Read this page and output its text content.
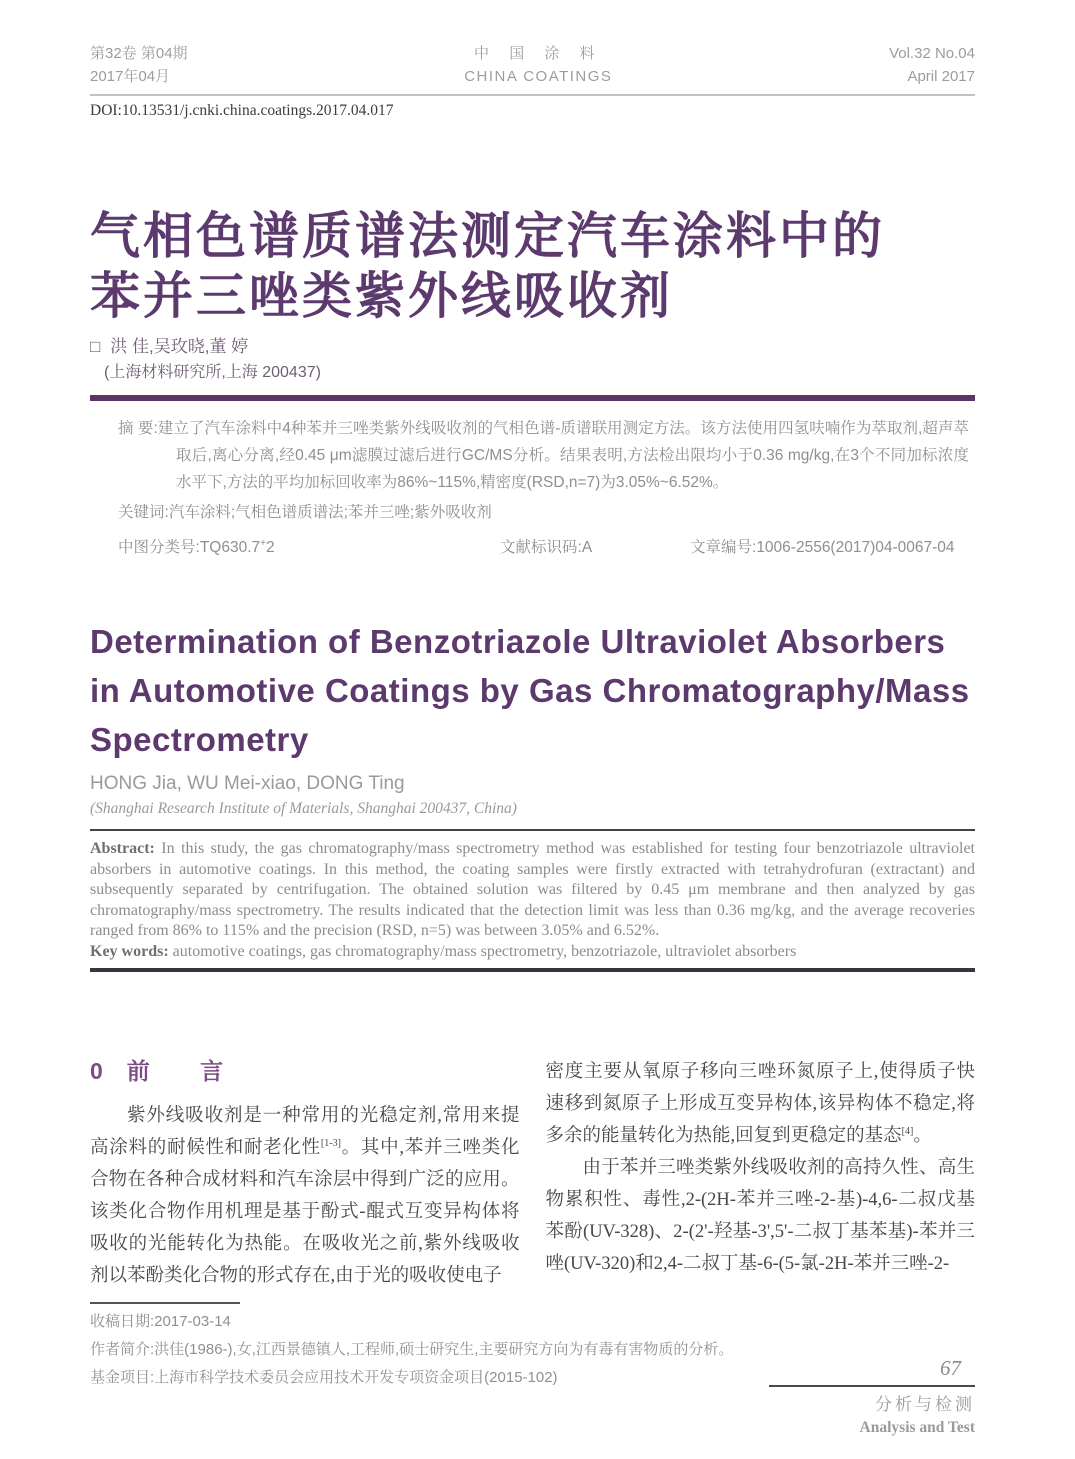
第32卷 第04期
2017年04月
中 国 涂 料
CHINA COATINGS
Vol.32 No.04
April 2017
DOI:10.13531/j.cnki.china.coatings.2017.04.017
气相色谱质谱法测定汽车涂料中的
苯并三唑类紫外线吸收剂
□ 洪 佳,吴玫晓,董 婷
(上海材料研究所,上海 200437)
摘 要:建立了汽车涂料中4种苯并三唑类紫外线吸收剂的气相色谱-质谱联用测定方法。该方法使用四氢呋喃作为萃取剂,超声萃取后,离心分离,经0.45 μm滤膜过滤后进行GC/MS分析。结果表明,方法检出限均小于0.36 mg/kg,在3个不同加标浓度水平下,方法的平均加标回收率为86%~115%,精密度(RSD,n=7)为3.05%~6.52%。
关键词:汽车涂料;气相色谱质谱法;苯并三唑;紫外吸收剂
中图分类号:TQ630.7+2	文献标识码:A	文章编号:1006-2556(2017)04-0067-04
Determination of Benzotriazole Ultraviolet Absorbers
in Automotive Coatings by Gas Chromatography/Mass
Spectrometry
HONG Jia, WU Mei-xiao, DONG Ting
(Shanghai Research Institute of Materials, Shanghai 200437, China)
Abstract: In this study, the gas chromatography/mass spectrometry method was established for testing four benzotriazole ultraviolet absorbers in automotive coatings. In this method, the coating samples were firstly extracted with tetrahydrofuran (extractant) and subsequently separated by centrifugation. The obtained solution was filtered by 0.45 μm membrane and then analyzed by gas chromatography/mass spectrometry. The results indicated that the detection limit was less than 0.36 mg/kg, and the average recoveries ranged from 86% to 115% and the precision (RSD, n=5) was between 3.05% and 6.52%.
Key words: automotive coatings, gas chromatography/mass spectrometry, benzotriazole, ultraviolet absorbers
0 前 言

紫外线吸收剂是一种常用的光稳定剂,常用来提高涂料的耐候性和耐老化性[1-3]。其中,苯并三唑类化合物在各种合成材料和汽车涂层中得到广泛的应用。该类化合物作用机理是基于酚式-醌式互变异构体将吸收的光能转化为热能。在吸收光之前,紫外线吸收剂以苯酚类化合物的形式存在,由于光的吸收使电子

密度主要从氧原子移向三唑环氮原子上,使得质子快速移到氮原子上形成互变异构体,该异构体不稳定,将多余的能量转化为热能,回复到更稳定的基态[4]。

由于苯并三唑类紫外线吸收剂的高持久性、高生物累积性、毒性,2-(2H-苯并三唑-2-基)-4,6-二叔戊基苯酚(UV-328)、2-(2'-羟基-3',5'-二叔丁基苯基)-苯并三唑(UV-320)和2,4-二叔丁基-6-(5-氯-2H-苯并三唑-2-

收稿日期:2017-03-14
作者简介:洪佳(1986-),女,江西景德镇人,工程师,硕士研究生,主要研究方向为有毒有害物质的分析。
基金项目:上海市科学技术委员会应用技术开发专项资金项目(2015-102)	67
分析与检测
Analysis and Test
